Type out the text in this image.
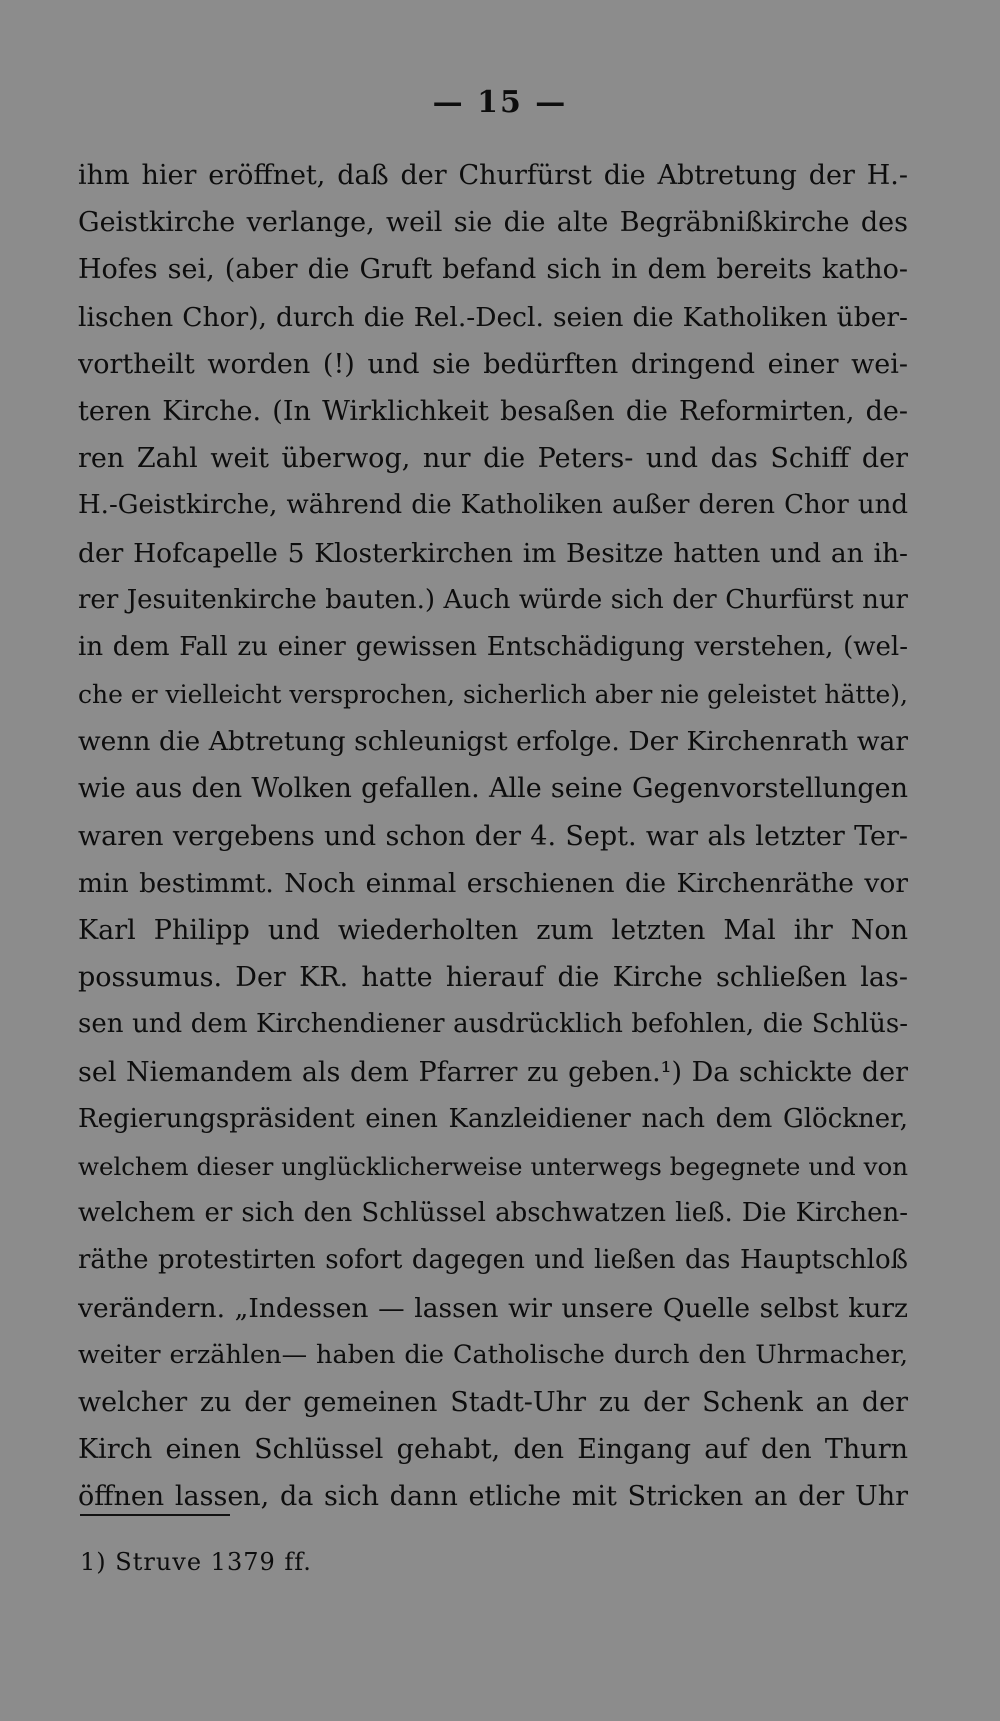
— 15 —
ihm hier eröffnet, daß der Churfürst die Abtretung der H.-
Geistkirche verlange, weil sie die alte Begräbnißkirche des
Hofes sei, (aber die Gruft befand sich in dem bereits katho-
lischen Chor), durch die Rel.-Decl. seien die Katholiken über-
vortheilt worden (!) und sie bedürften dringend einer wei-
teren Kirche. (In Wirklichkeit besaßen die Reformirten, de-
ren Zahl weit überwog, nur die Peters- und das Schiff der
H.-Geistkirche, während die Katholiken außer deren Chor und
der Hofcapelle 5 Klosterkirchen im Besitze hatten und an ih-
rer Jesuitenkirche bauten.) Auch würde sich der Churfürst nur
in dem Fall zu einer gewissen Entschädigung verstehen, (wel-
che er vielleicht versprochen, sicherlich aber nie geleistet hätte),
wenn die Abtretung schleunigst erfolge. Der Kirchenrath war
wie aus den Wolken gefallen. Alle seine Gegenvorstellungen
waren vergebens und schon der 4. Sept. war als letzter Ter-
min bestimmt. Noch einmal erschienen die Kirchenräthe vor
Karl Philipp und wiederholten zum letzten Mal ihr Non
possumus. Der KR. hatte hierauf die Kirche schließen las-
sen und dem Kirchendiener ausdrücklich befohlen, die Schlüs-
sel Niemandem als dem Pfarrer zu geben.¹) Da schickte der
Regierungspräsident einen Kanzleidiener nach dem Glöckner,
welchem dieser unglücklicherweise unterwegs begegnete und von
welchem er sich den Schlüssel abschwatzen ließ. Die Kirchen-
räthe protestirten sofort dagegen und ließen das Hauptschloß
verändern. „Indessen — lassen wir unsere Quelle selbst kurz
weiter erzählen— haben die Catholische durch den Uhrmacher,
welcher zu der gemeinen Stadt-Uhr zu der Schenk an der
Kirch einen Schlüssel gehabt, den Eingang auf den Thurn
öffnen lassen, da sich dann etliche mit Stricken an der Uhr
1) Struve 1379 ff.
